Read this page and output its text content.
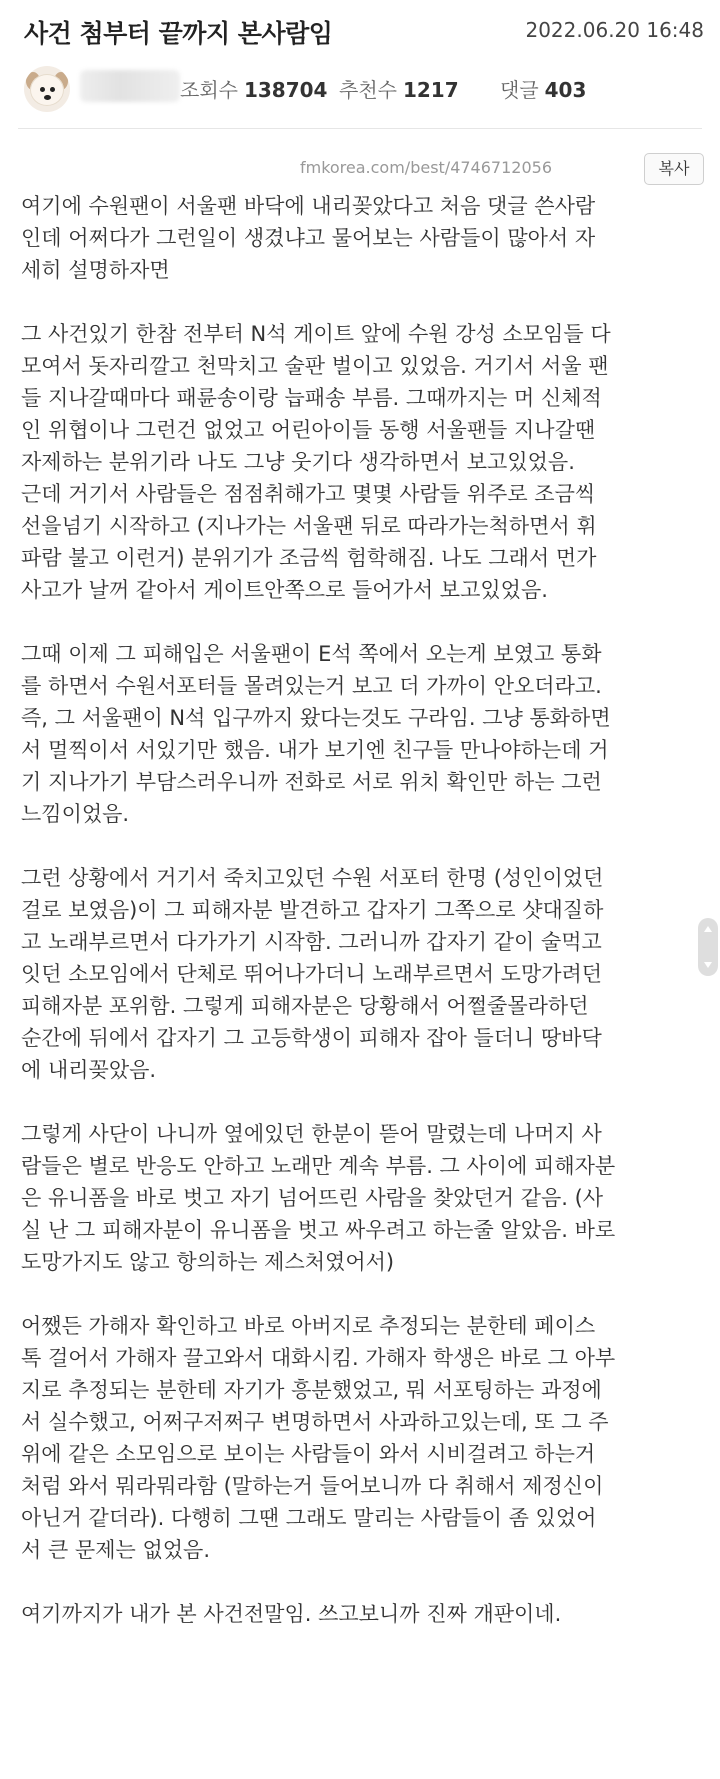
사건 첨부터 끝까지 본사람임	2022.06.20 16:48
조회수 138704 추천수 1217 댓글 403
fmkorea.com/best/4746712056	복사
여기에 수원팬이 서울팬 바닥에 내리꽂았다고 처음 댓글 쓴사람
인데 어쩌다가 그런일이 생겼냐고 물어보는 사람들이 많아서 자
세히 설명하자면
그 사건있기 한참 전부터 N석 게이트 앞에 수원 강성 소모임들 다
모여서 돗자리깔고 천막치고 술판 벌이고 있었음. 거기서 서울 팬
들 지나갈때마다 패륜송이랑 늡패송 부름. 그때까지는 머 신체적
인 위협이나 그런건 없었고 어린아이들 동행 서울팬들 지나갈땐
자제하는 분위기라 나도 그냥 웃기다 생각하면서 보고있었음.
근데 거기서 사람들은 점점취해가고 몇몇 사람들 위주로 조금씩
선을넘기 시작하고 (지나가는 서울팬 뒤로 따라가는척하면서 휘
파람 불고 이런거) 분위기가 조금씩 험학해짐. 나도 그래서 먼가
사고가 날꺼 같아서 게이트안쪽으로 들어가서 보고있었음.
그때 이제 그 피해입은 서울팬이 E석 쪽에서 오는게 보였고 통화
를 하면서 수원서포터들 몰려있는거 보고 더 가까이 안오더라고.
즉, 그 서울팬이 N석 입구까지 왔다는것도 구라임. 그냥 통화하면
서 멀찍이서 서있기만 했음. 내가 보기엔 친구들 만나야하는데 거
기 지나가기 부담스러우니까 전화로 서로 위치 확인만 하는 그런
느낌이었음.
그런 상황에서 거기서 죽치고있던 수원 서포터 한명 (성인이었던
걸로 보였음)이 그 피해자분 발견하고 갑자기 그쪽으로 샷대질하
고 노래부르면서 다가가기 시작함. 그러니까 갑자기 같이 술먹고
잇던 소모임에서 단체로 뛰어나가더니 노래부르면서 도망가려던
피해자분 포위함. 그렇게 피해자분은 당황해서 어쩔줄몰라하던
순간에 뒤에서 갑자기 그 고등학생이 피해자 잡아 들더니 땅바닥
에 내리꽂았음.
그렇게 사단이 나니까 옆에있던 한분이 뜯어 말렸는데 나머지 사
람들은 별로 반응도 안하고 노래만 계속 부름. 그 사이에 피해자분
은 유니폼을 바로 벗고 자기 넘어뜨린 사람을 찾았던거 같음. (사
실 난 그 피해자분이 유니폼을 벗고 싸우려고 하는줄 알았음. 바로
도망가지도 않고 항의하는 제스처였어서)
어쨌든 가해자 확인하고 바로 아버지로 추정되는 분한테 페이스
톡 걸어서 가해자 끌고와서 대화시킴. 가해자 학생은 바로 그 아부
지로 추정되는 분한테 자기가 흥분했었고, 뭐 서포팅하는 과정에
서 실수했고, 어쩌구저쩌구 변명하면서 사과하고있는데, 또 그 주
위에 같은 소모임으로 보이는 사람들이 와서 시비걸려고 하는거
처럼 와서 뭐라뭐라함 (말하는거 들어보니까 다 취해서 제정신이
아닌거 같더라). 다행히 그땐 그래도 말리는 사람들이 좀 있었어
서 큰 문제는 없었음.
여기까지가 내가 본 사건전말임. 쓰고보니까 진짜 개판이네.
